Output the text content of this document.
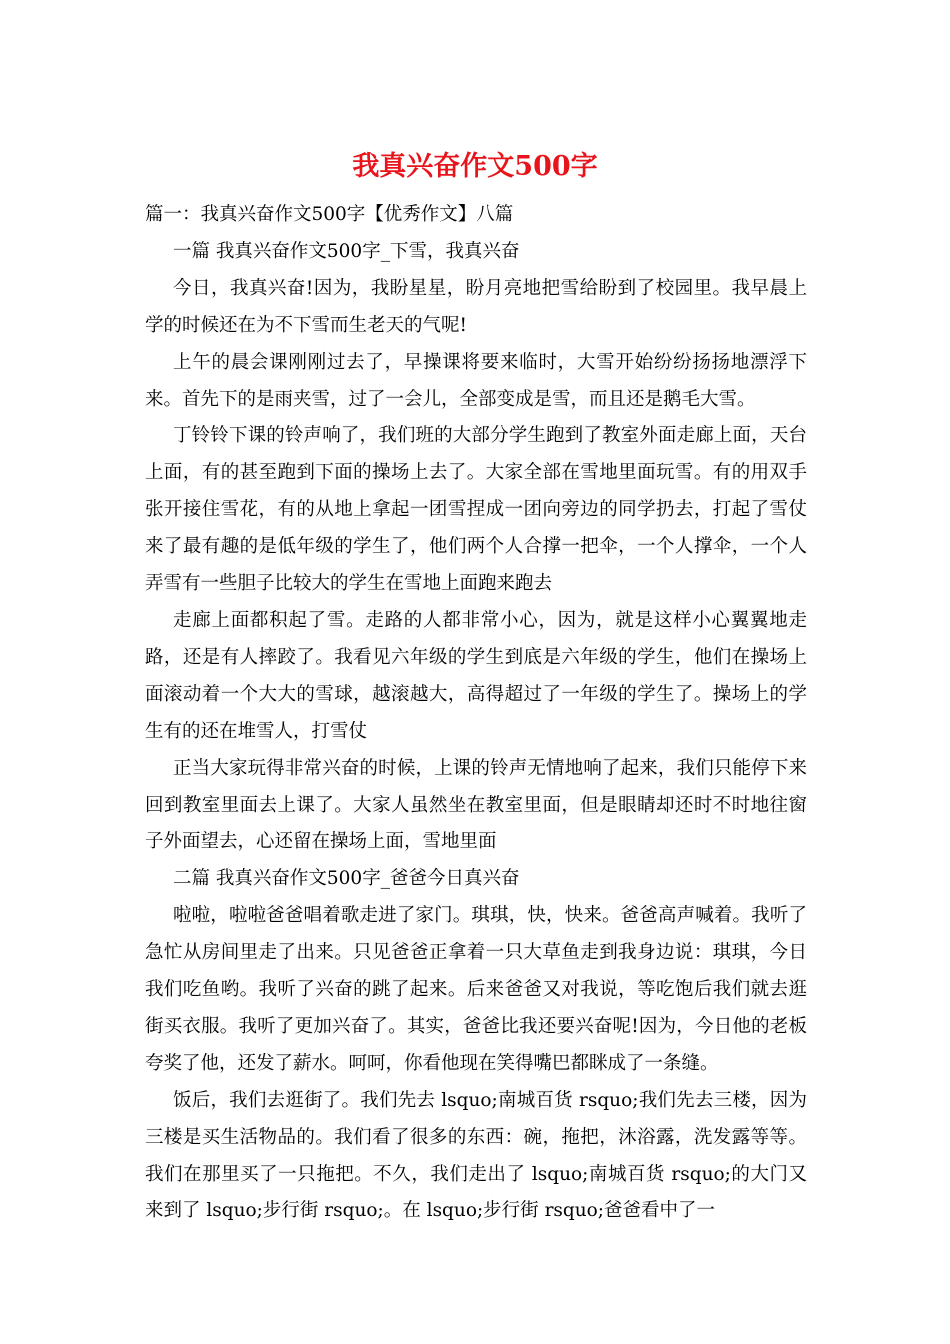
我真兴奋作文500字

篇一：我真兴奋作文500字【优秀作文】八篇

一篇 我真兴奋作文500字_下雪，我真兴奋

今日，我真兴奋!因为，我盼星星，盼月亮地把雪给盼到了校园里。我早晨上学的时候还在为不下雪而生老天的气呢!

上午的晨会课刚刚过去了，早操课将要来临时，大雪开始纷纷扬扬地漂浮下来。首先下的是雨夹雪，过了一会儿，全部变成是雪，而且还是鹅毛大雪。

丁铃铃下课的铃声响了，我们班的大部分学生跑到了教室外面走廊上面，天台上面，有的甚至跑到下面的操场上去了。大家全部在雪地里面玩雪。有的用双手张开接住雪花，有的从地上拿起一团雪捏成一团向旁边的同学扔去，打起了雪仗来了最有趣的是低年级的学生了，他们两个人合撑一把伞，一个人撑伞，一个人弄雪有一些胆子比较大的学生在雪地上面跑来跑去

走廊上面都积起了雪。走路的人都非常小心，因为，就是这样小心翼翼地走路，还是有人摔跤了。我看见六年级的学生到底是六年级的学生，他们在操场上面滚动着一个大大的雪球，越滚越大，高得超过了一年级的学生了。操场上的学生有的还在堆雪人，打雪仗

正当大家玩得非常兴奋的时候，上课的铃声无情地响了起来，我们只能停下来回到教室里面去上课了。大家人虽然坐在教室里面，但是眼睛却还时不时地往窗子外面望去，心还留在操场上面，雪地里面

二篇 我真兴奋作文500字_爸爸今日真兴奋

啦啦，啦啦爸爸唱着歌走进了家门。琪琪，快，快来。爸爸高声喊着。我听了急忙从房间里走了出来。只见爸爸正拿着一只大草鱼走到我身边说：琪琪，今日我们吃鱼哟。我听了兴奋的跳了起来。后来爸爸又对我说，等吃饱后我们就去逛街买衣服。我听了更加兴奋了。其实，爸爸比我还要兴奋呢!因为，今日他的老板夸奖了他，还发了薪水。呵呵，你看他现在笑得嘴巴都眯成了一条缝。

饭后，我们去逛街了。我们先去 lsquo;南城百货 rsquo;我们先去三楼，因为三楼是买生活物品的。我们看了很多的东西：碗，拖把，沐浴露，洗发露等等。我们在那里买了一只拖把。不久，我们走出了 lsquo;南城百货 rsquo;的大门又来到了 lsquo;步行街 rsquo;。在 lsquo;步行街 rsquo;爸爸看中了一
